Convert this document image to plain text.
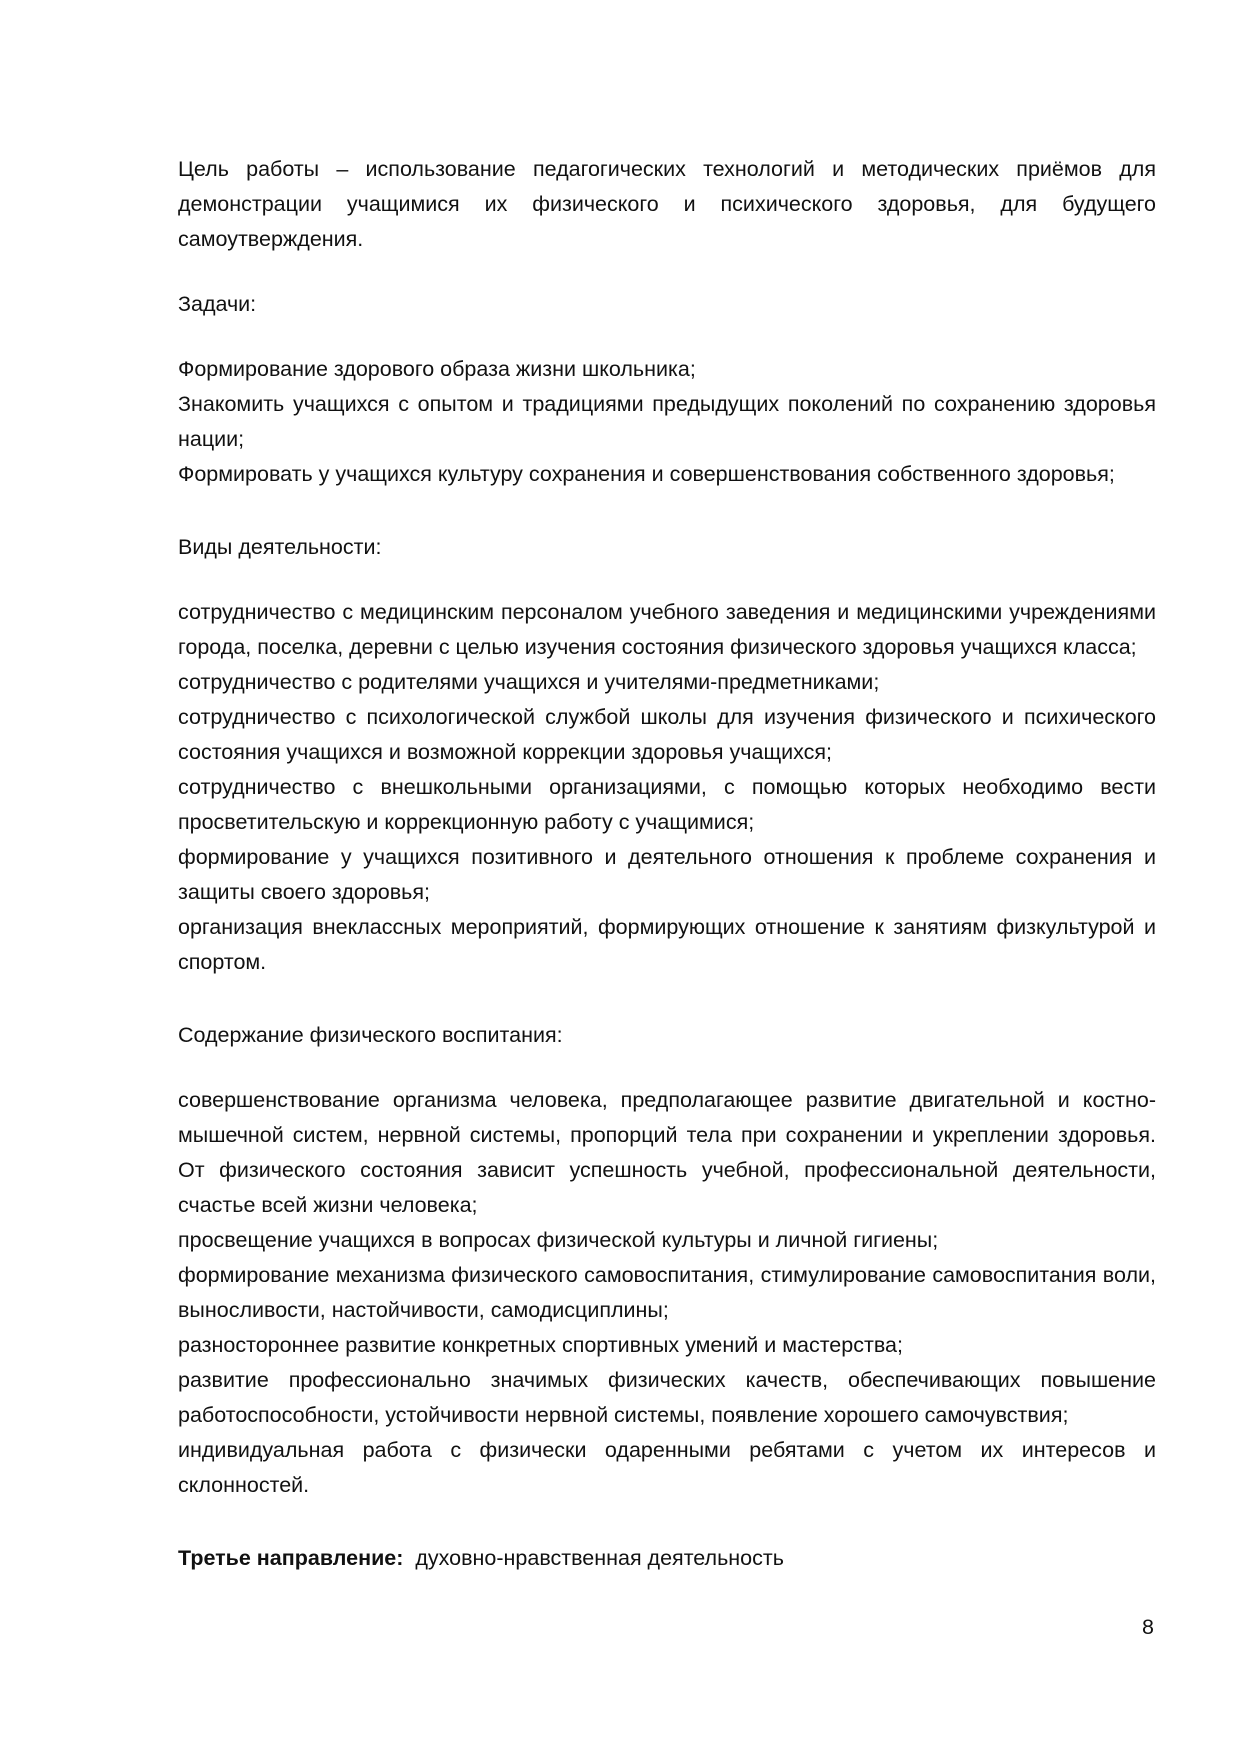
Цель работы – использование педагогических технологий и методических приёмов для демонстрации учащимися их физического и психического здоровья, для будущего самоутверждения.

Задачи:

Формирование здорового образа жизни школьника;

Знакомить учащихся с опытом и традициями предыдущих поколений по сохранению здоровья нации;

Формировать у учащихся культуру сохранения и совершенствования собственного здоровья;

Виды деятельности:

сотрудничество с медицинским персоналом учебного заведения и медицинскими учреждениями города, поселка, деревни с целью изучения состояния физического здоровья учащихся класса;

сотрудничество с родителями учащихся и учителями-предметниками;

сотрудничество с психологической службой школы для изучения физического и психического состояния учащихся и возможной коррекции здоровья учащихся;

сотрудничество с внешкольными организациями, с помощью которых необходимо вести просветительскую и коррекционную работу с учащимися;

формирование у учащихся позитивного и деятельного отношения к проблеме сохранения и защиты своего здоровья;

организация внеклассных мероприятий, формирующих отношение к занятиям физкультурой и спортом.

Содержание физического воспитания:

совершенствование организма человека, предполагающее развитие двигательной и костно-мышечной систем, нервной системы, пропорций тела при сохранении и укреплении здоровья. От физического состояния зависит успешность учебной, профессиональной деятельности, счастье всей жизни человека;

просвещение учащихся в вопросах физической культуры и личной гигиены;

формирование механизма физического самовоспитания, стимулирование самовоспитания воли, выносливости, настойчивости, самодисциплины;

разностороннее развитие конкретных спортивных умений и мастерства;

развитие профессионально значимых физических качеств, обеспечивающих повышение работоспособности, устойчивости нервной системы, появление хорошего самочувствия;

индивидуальная работа с физически одаренными ребятами с учетом их интересов и склонностей.

Третье направление: духовно-нравственная деятельность

8
